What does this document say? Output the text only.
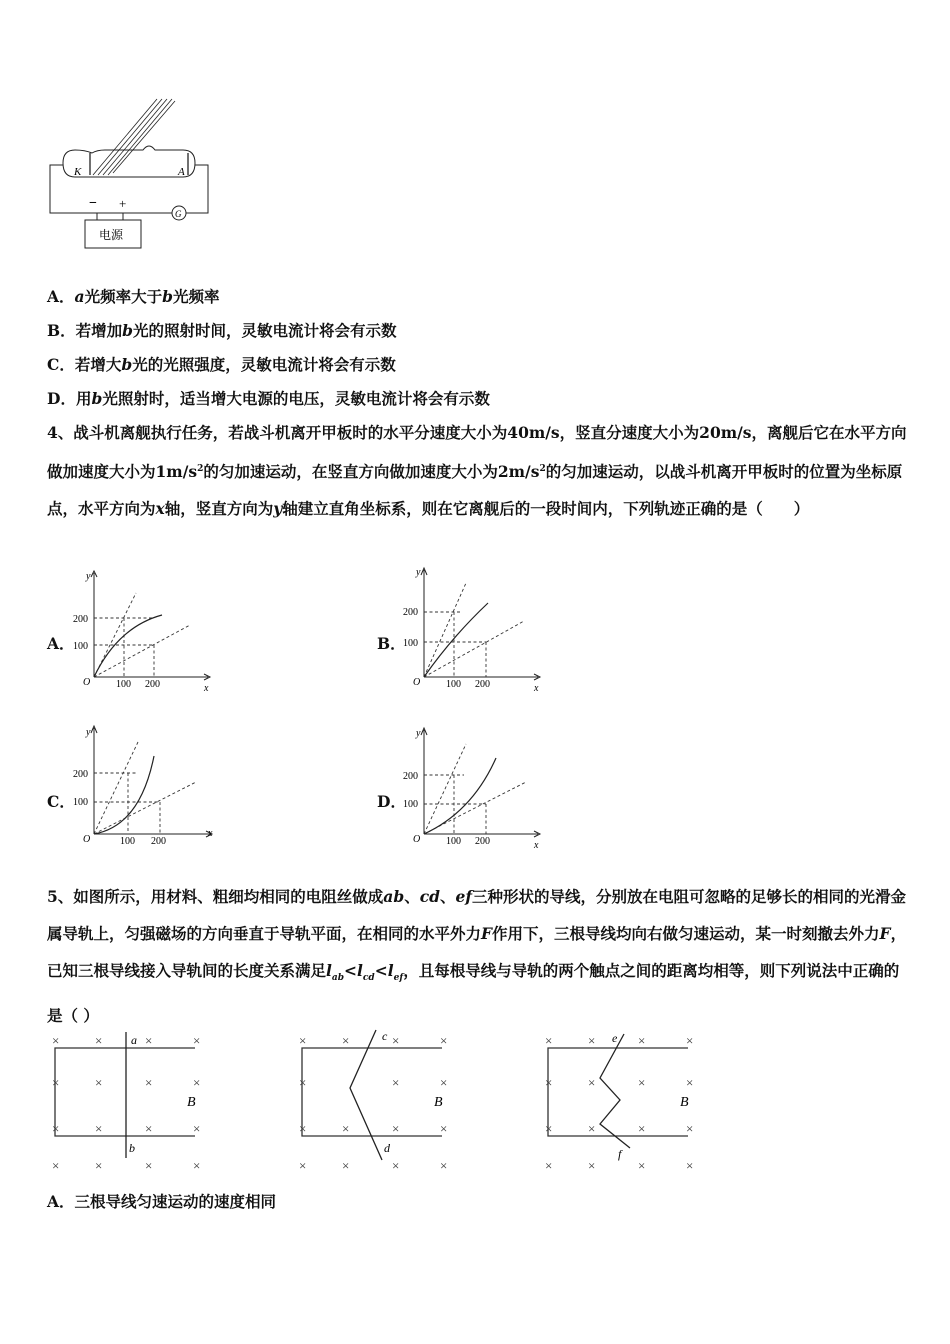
K	A
G
− +
电源
A．a光频率大于b光频率
B．若增加b光的照射时间，灵敏电流计将会有示数
C．若增大b光的光照强度，灵敏电流计将会有示数
D．用b光照射时，适当增大电源的电压，灵敏电流计将会有示数
4、战斗机离舰执行任务，若战斗机离开甲板时的水平分速度大小为40m/s，竖直分速度大小为20m/s，离舰后它在水平方向做加速度大小为$1m/s^2$的匀加速运动，在竖直方向做加速度大小为$2m/s^2$的匀加速运动，以战斗机离开甲板时的位置为坐标原点，水平方向为x轴，竖直方向为y轴建立直角坐标系，则在它离舰后的一段时间内，下列轨迹正确的是（　　）
A．	B．
C．	D．
y
x
O
200
100
100 200
y
x
O
200
100
100 200
y
x
O
200
100
100 200
y
x
O
200
100
100 200
5、如图所示，用材料、粗细均相同的电阻丝做成ab、cd、ef三种形状的导线，分别放在电阻可忽略的足够长的相同的光滑金属导轨上，匀强磁场的方向垂直于导轨平面，在相同的水平外力F作用下，三根导线均向右做匀速运动，某一时刻撤去外力F，已知三根导线接入导轨间的长度关系满足$l_{ab}<l_{cd}<l_{ef}$，且每根导线与导轨的两个触点之间的距离均相等，则下列说法中正确的是（ ）
a
b
B
×	×	×	×
×	×	×	×
×	×	×	×
×	×	×	×
c
d
B
×	×	×	×
×	×	×
×	×	×	×
×	×	×	×
e
f
B
×	×	×	×
×	×	×	×
×	×	×	×
×	×	×	×
A．三根导线匀速运动的速度相同
